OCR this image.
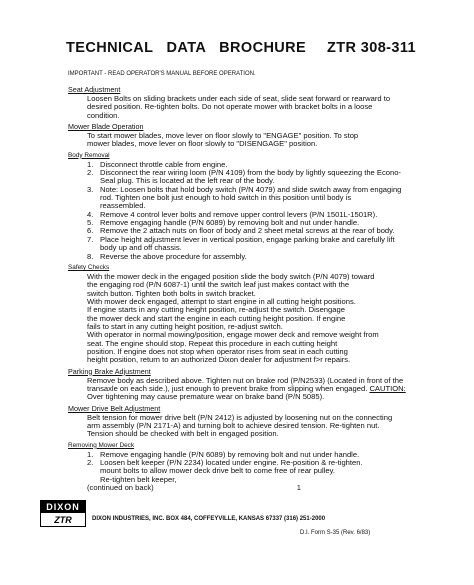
TECHNICAL DATA BROCHURE ZTR 308-311
IMPORTANT - READ OPERATOR'S MANUAL BEFORE OPERATION.
Seat Adjustment
Loosen Bolts on sliding brackets under each side of seat, slide seat forward or rearward to
desired position. Re-tighten bolts. Do not operate mower with bracket bolts in a loose
condition.
Mower Blade Operation
To start mower blades, move lever on floor slowly to "ENGAGE" position. To stop
mower blades, move lever on floor slowly to "DISENGAGE" position.
Body Removal
1. Disconnect throttle cable from engine.
2. Disconnect the rear wiring loom (P/N 4109) from the body by lightly squeezing the Econo-
Seal plug. This is located at the left rear of the body.
3. Note: Loosen bolts that hold body switch (P/N 4079) and slide switch away from engaging
rod. Tighten one bolt just enough to hold switch in this position until body is
reassembled.
4. Remove 4 control lever bolts and remove upper control levers (P/N 1501L-1501R).
5. Remove engaging handle (P/N 6089) by removing bolt and nut under handle.
6. Remove the 2 attach nuts on floor of body and 2 sheet metal screws at the rear of body.
7. Place height adjustment lever in vertical position, engage parking brake and carefully lift
body up and off chassis.
8. Reverse the above procedure for assembly.
Safety Checks
With the mower deck in the engaged position slide the body switch (P/N 4079) toward
the engaging rod (P/N 6087-1) until the switch leaf just makes contact with the
switch button. Tighten both bolts in switch bracket.
With mower deck engaged, attempt to start engine in all cutting height positions.
If engine starts in any cutting height position, re-adjust the switch. Disengage
the mower deck and start the engine in each cutting height position. If engine
fails to start in any cutting height position, re-adjust switch.
With operator in normal mowing/position, engage mower deck and remove weight from
seat. The engine should stop. Repeat this procedure in each cutting height
position. If engine does not stop when operator rises from seat in each cutting
height position, return to an authorized Dixon dealer for adjustment f>r repairs.
Parking Brake Adjustment
Remove body as described above. Tighten nut on brake rod (P/N2533) (Located in front of the
transaxle on each side.), just enough to prevent brake from slipping when engaged. CAUTION:
Over tightening may cause premature wear on brake band (P/N 5085).
Mower Drive Belt Adjustment
Belt tension for mower drive belt (P/N 2412) is adjusted by loosening nut on the connecting
arm assembly (P/N 2171-A) and turning bolt to achieve desired tension. Re-tighten nut.
Tension should be checked with belt in engaged position.
Removing Mower Deck
1. Remove engaging handle (P/N 6089) by removing bolt and nut under handle.
2. Loosen belt keeper (P/N 2234) located under engine. Re-position & re-tighten.
mount bolts to allow mower deck drive belt to come free of rear pulley.
Re-tighten belt keeper,
(continued on back)	1
DIXON
ZTR	DIXON INDUSTRIES, INC. BOX 484, COFFEYVILLE, KANSAS 67337 (316) 251-2000
D.I. Form S-35 (Rev. 6/83)
